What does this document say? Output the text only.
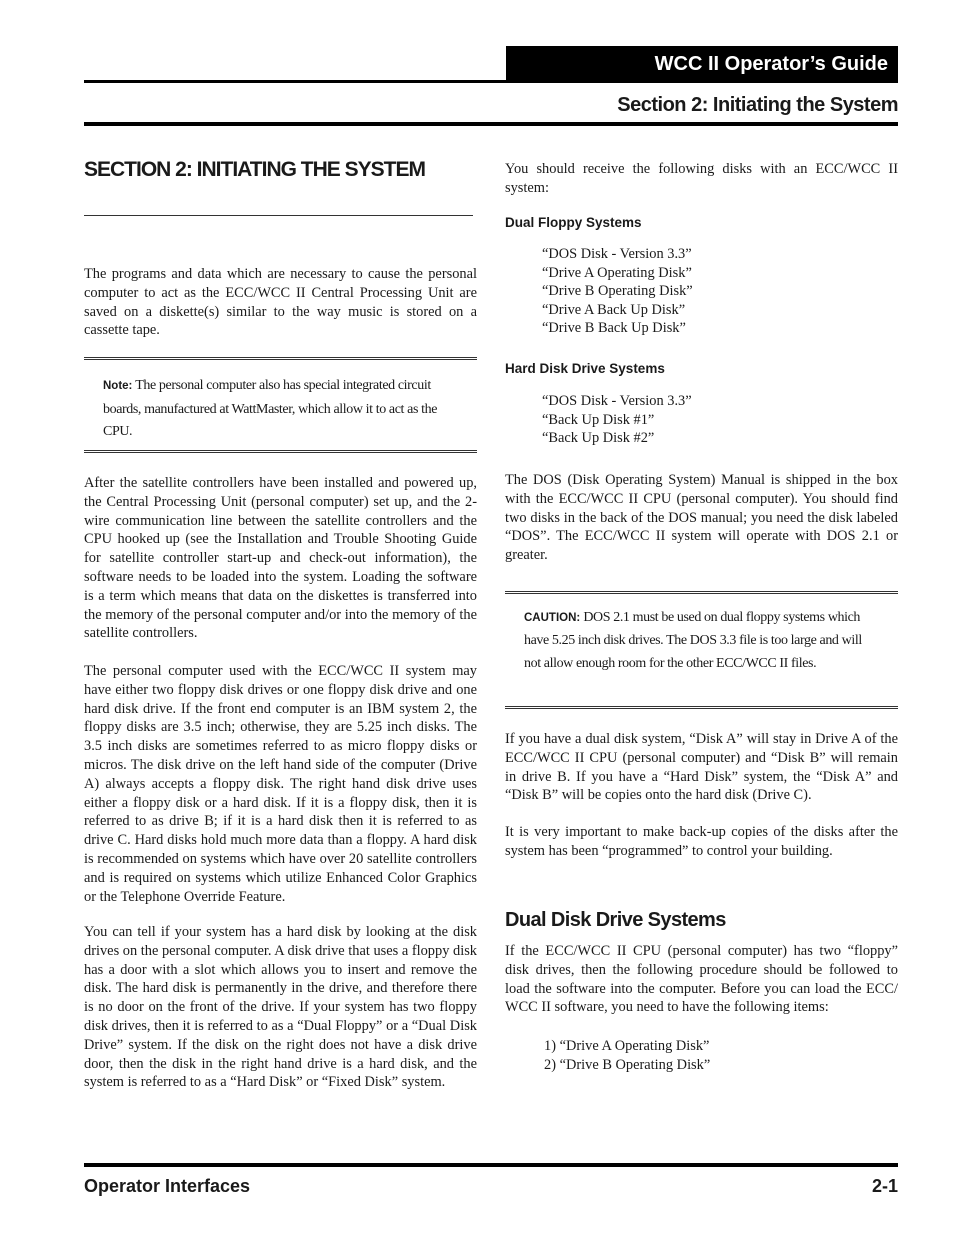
WCC II Operator’s Guide
Section 2: Initiating the System
SECTION 2: INITIATING THE SYSTEM

The programs and data which are necessary to cause the personal computer to act as the ECC/WCC II Central Processing Unit are saved on a diskette(s) similar to the way music is stored on a cassette tape.

Note: The personal computer also has special integrated circuit boards, manufactured at WattMaster, which allow it to act as the CPU.

After the satellite controllers have been installed and powered up, the Central Processing Unit (personal computer) set up, and the 2-wire communication line between the satellite controllers and the CPU hooked up (see the Installation and Trouble Shooting Guide for satellite controller start-up and check-out information), the software needs to be loaded into the system. Loading the software is a term which means that data on the diskettes is transferred into the memory of the personal computer and/or into the memory of the satellite controllers.

The personal computer used with the ECC/WCC II system may have either two floppy disk drives or one floppy disk drive and one hard disk drive. If the front end computer is an IBM system 2, the floppy disks are 3.5 inch; otherwise, they are 5.25 inch disks. The 3.5 inch disks are sometimes referred to as micro floppy disks or micros. The disk drive on the left hand side of the computer (Drive A) always accepts a floppy disk. The right hand disk drive uses either a floppy disk or a hard disk. If it is a floppy disk, then it is referred to as drive B; if it is a hard disk then it is referred to as drive C. Hard disks hold much more data than a floppy. A hard disk is recommended on systems which have over 20 satellite controllers and is required on systems which utilize Enhanced Color Graphics or the Telephone Override Feature.

You can tell if your system has a hard disk by looking at the disk drives on the personal computer. A disk drive that uses a floppy disk has a door with a slot which allows you to insert and remove the disk. The hard disk is permanently in the drive, and therefore there is no door on the front of the drive. If your system has two floppy disk drives, then it is referred to as a “Dual Floppy” or a “Dual Disk Drive” system. If the disk on the right does not have a disk drive door, then the disk in the right hand drive is a hard disk, and the system is referred to as a “Hard Disk” or “Fixed Disk” system.

You should receive the following disks with an ECC/WCC II system:

Dual Floppy Systems
“DOS Disk - Version 3.3”
“Drive A Operating Disk”
“Drive B Operating Disk”
“Drive A Back Up Disk”
“Drive B Back Up Disk”
Hard Disk Drive Systems
“DOS Disk - Version 3.3”
“Back Up Disk #1”
“Back Up Disk #2”

The DOS (Disk Operating System) Manual is shipped in the box with the ECC/WCC II CPU (personal computer). You should find two disks in the back of the DOS manual; you need the disk labeled “DOS”. The ECC/WCC II system will operate with DOS 2.1 or greater.

CAUTION: DOS 2.1 must be used on dual floppy systems which have 5.25 inch disk drives. The DOS 3.3 file is too large and will not allow enough room for the other ECC/WCC II files.

If you have a dual disk system, “Disk A” will stay in Drive A of the ECC/WCC II CPU (personal computer) and “Disk B” will remain in drive B. If you have a “Hard Disk” system, the “Disk A” and “Disk B” will be copies onto the hard disk (Drive C).

It is very important to make back-up copies of the disks after the system has been “programmed” to control your building.

Dual Disk Drive Systems

If the ECC/WCC II CPU (personal computer) has two “floppy” disk drives, then the following procedure should be followed to load the software into the computer. Before you can load the ECC/ WCC II software, you need to have the following items:

1) “Drive A Operating Disk”
2) “Drive B Operating Disk”
Operator Interfaces	2-1
